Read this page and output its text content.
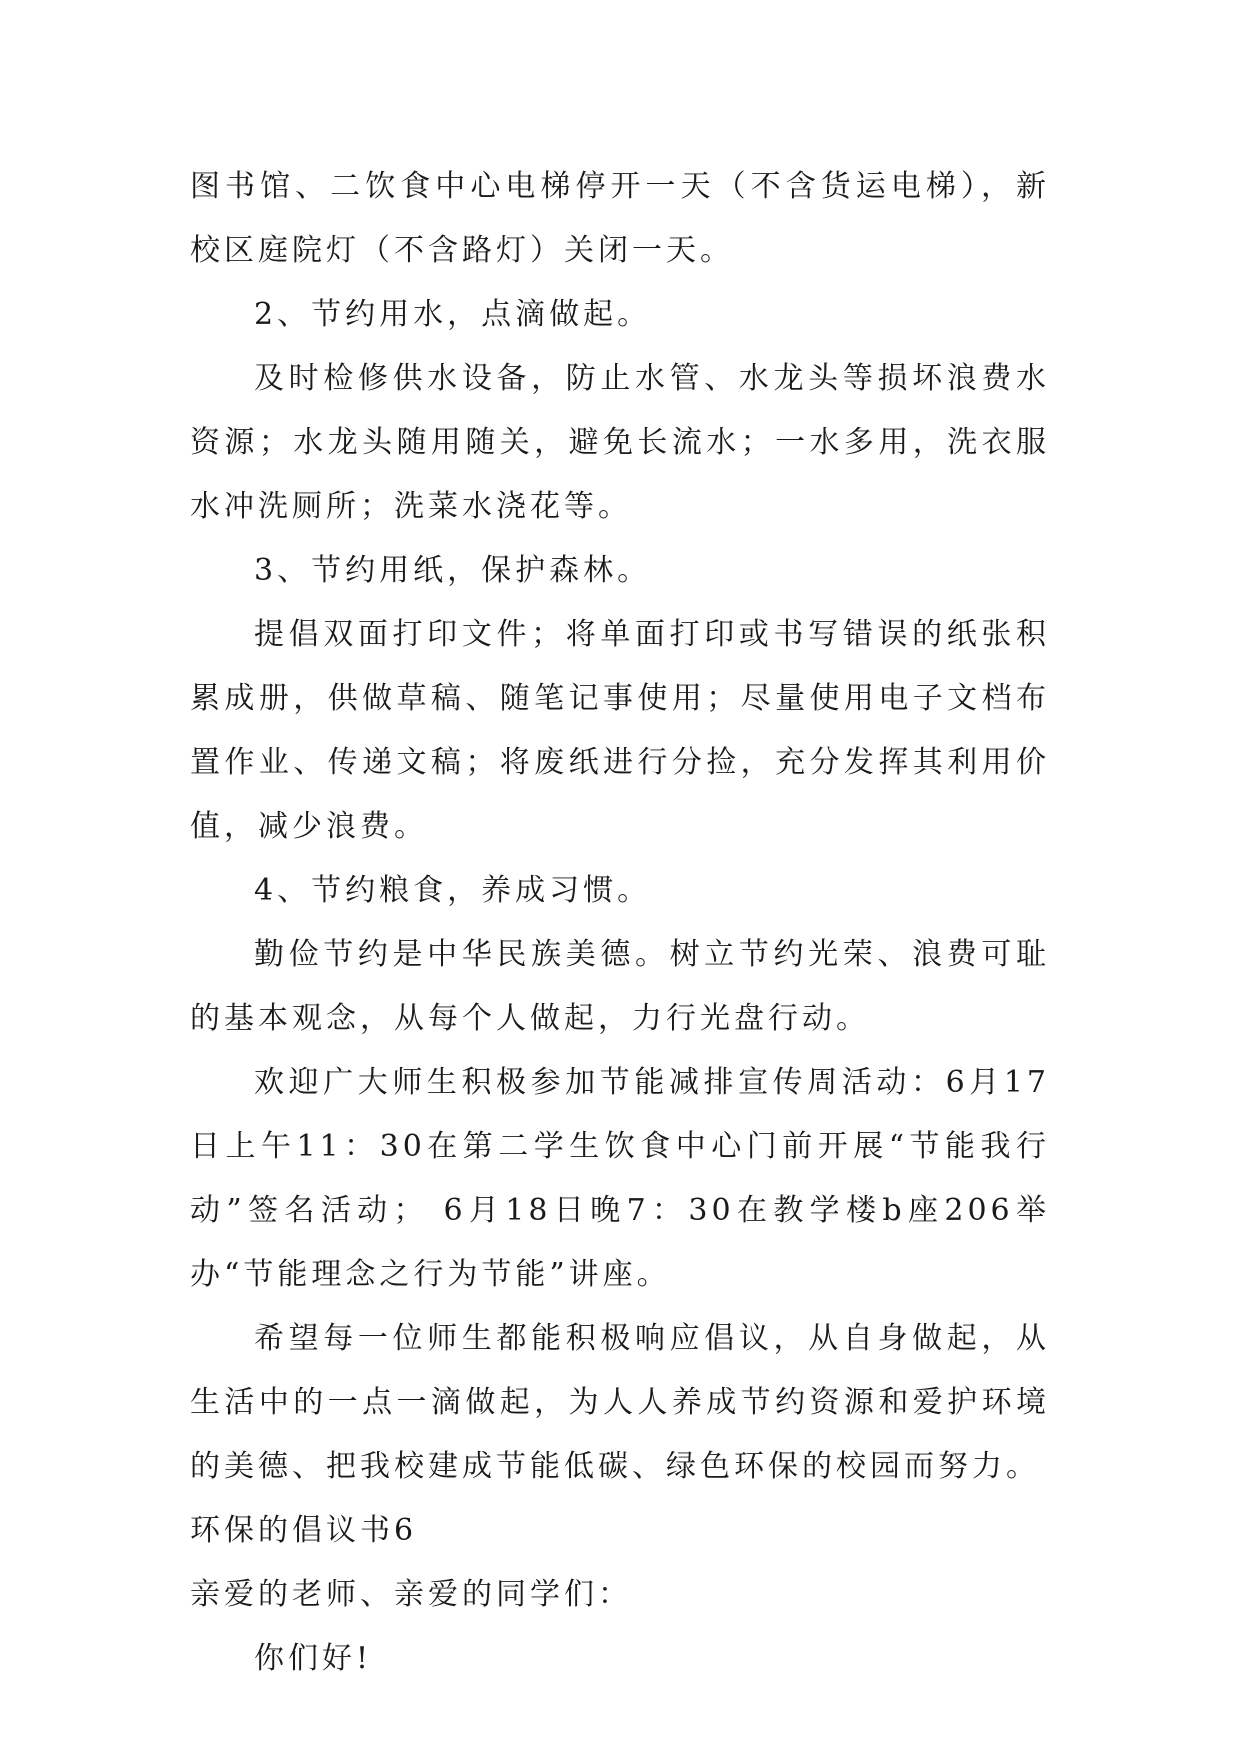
图书馆、二饮食中心电梯停开一天（不含货运电梯），新校区庭院灯（不含路灯）关闭一天。

2、节约用水，点滴做起。

及时检修供水设备，防止水管、水龙头等损坏浪费水资源；水龙头随用随关，避免长流水；一水多用，洗衣服水冲洗厕所；洗菜水浇花等。

3、节约用纸，保护森林。

提倡双面打印文件；将单面打印或书写错误的纸张积累成册，供做草稿、随笔记事使用；尽量使用电子文档布置作业、传递文稿；将废纸进行分捡，充分发挥其利用价值，减少浪费。

4、节约粮食，养成习惯。

勤俭节约是中华民族美德。树立节约光荣、浪费可耻的基本观念，从每个人做起，力行光盘行动。

欢迎广大师生积极参加节能减排宣传周活动：6月17日上午11：30在第二学生饮食中心门前开展“节能我行动”签名活动； 6月18日晚7：30在教学楼b座206举办“节能理念之行为节能”讲座。

希望每一位师生都能积极响应倡议，从自身做起，从生活中的一点一滴做起，为人人养成节约资源和爱护环境的美德、把我校建成节能低碳、绿色环保的校园而努力。

环保的倡议书6

亲爱的老师、亲爱的同学们：

你们好!
